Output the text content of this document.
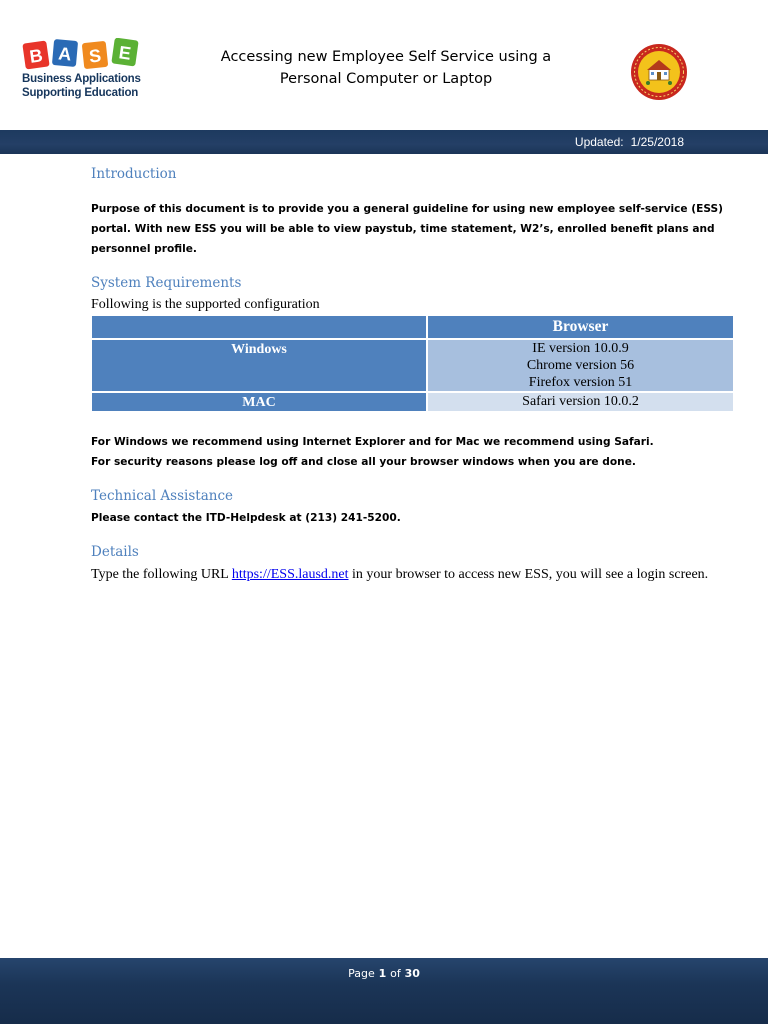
B A S E
Business Applications
Supporting Education
Accessing new Employee Self Service using a
Personal Computer or Laptop
Updated: 1/25/2018
Introduction
Purpose of this document is to provide you a general guideline for using new employee self-service (ESS) portal. With new ESS you will be able to view paystub, time statement, W2’s, enrolled benefit plans and personnel profile.
System Requirements
Following is the supported configuration
	Browser
Windows	IE version 10.0.9
Chrome version 56
Firefox version 51

MAC	Safari version 10.0.2
For Windows we recommend using Internet Explorer and for Mac we recommend using Safari.
For security reasons please log off and close all your browser windows when you are done.
Technical Assistance
Please contact the ITD-Helpdesk at (213) 241-5200.
Details
Type the following URL https://ESS.lausd.net in your browser to access new ESS, you will see a login screen.
Page 1 of 30
